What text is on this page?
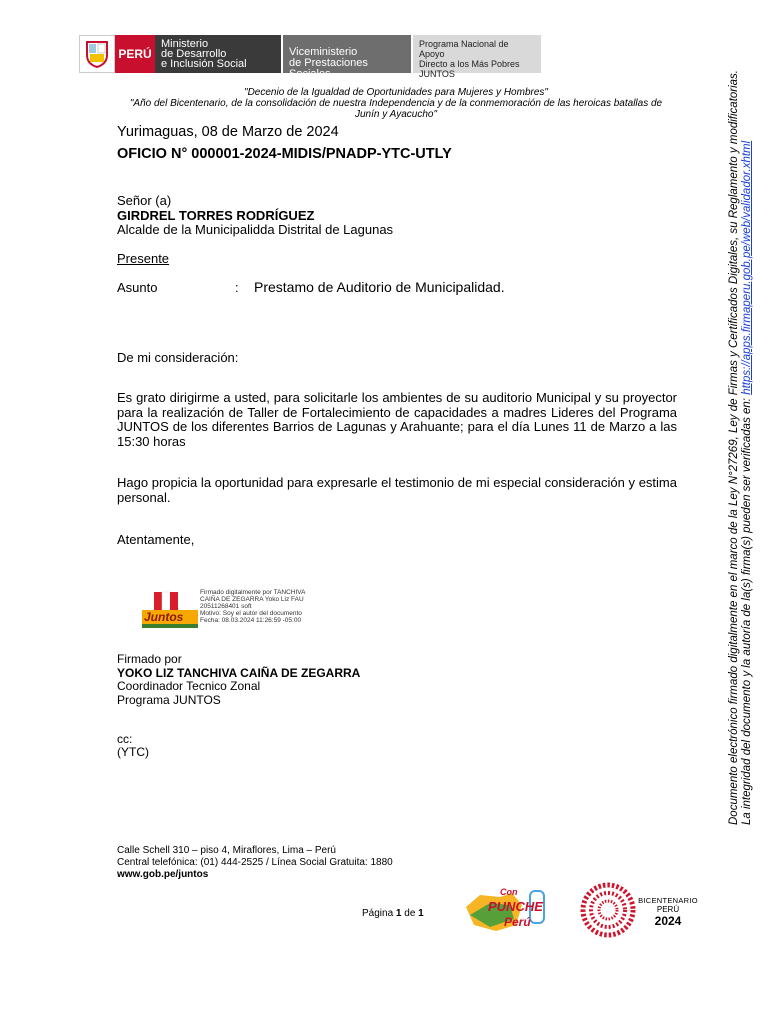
PERÚ
Ministerio
de Desarrollo
e Inclusión Social
Viceministerio
de Prestaciones Sociales
Programa Nacional de Apoyo
Directo a los Más Pobres
JUNTOS
"Decenio de la Igualdad de Oportunidades para Mujeres y Hombres"
"Año del Bicentenario, de la consolidación de nuestra Independencia y de la conmemoración de las heroicas batallas de
Junín y Ayacucho"
Yurimaguas, 08 de Marzo de 2024
OFICIO N° 000001-2024-MIDIS/PNADP-YTC-UTLY
Señor (a)
GIRDREL TORRES RODRÍGUEZ
Alcalde de la Municipalidda Distrital de Lagunas
Presente
Asunto	: Prestamo de Auditorio de Municipalidad.
De mi consideración:
Es grato dirigirme a usted, para solicitarle los ambientes de su auditorio Municipal y su proyector para la realización de Taller de Fortalecimiento de capacidades a madres Lideres del Programa JUNTOS de los diferentes Barrios de Lagunas y Arahuante; para el día Lunes 11 de Marzo a las 15:30 horas
Hago propicia la oportunidad para expresarle el testimonio de mi especial consideración y estima personal.
Atentamente,
Juntos
Firmado digitalmente por TANCHIVA
CAIÑA DE ZEGARRA Yoko Liz FAU
20511268401 soft
Motivo: Soy el autor del documento
Fecha: 08.03.2024 11:26:59 -05:00
Firmado por
YOKO LIZ TANCHIVA CAIÑA DE ZEGARRA
Coordinador Tecnico Zonal
Programa JUNTOS
cc:
(YTC)
Calle Schell 310 – piso 4, Miraflores, Lima – Perú
Central telefónica: (01) 444-2525 / Línea Social Gratuita: 1880
www.gob.pe/juntos
Página 1 de 1
Con
PUNCHE
Perú
BICENTENARIO
PERÚ
2024
Documento electrónico firmado digitalmente en el marco de la Ley N°27269, Ley de Firmas y Certificados Digitales, su Reglamento y modificatorias. La integridad del documento y la autoría de la(s) firma(s) pueden ser verificadas en: https://apps.firmaperu.gob.pe/web/validador.xhtml
